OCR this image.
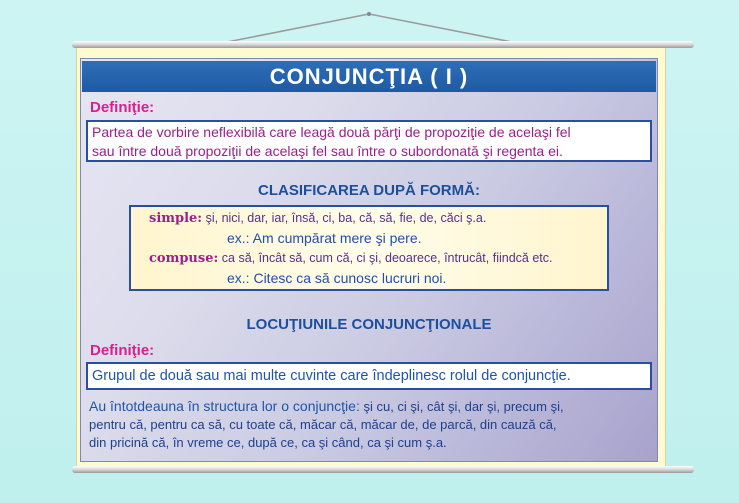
CONJUNCŢIA ( I )
Definiţie:
Partea de vorbire neflexibilă care leagă două părţi de propoziţie de acelaşi fel
sau între două propoziţii de acelaşi fel sau între o subordonată şi regenta ei.
CLASIFICAREA DUPĂ FORMĂ:
simple: şi, nici, dar, iar, însă, ci, ba, că, să, fie, de, căci ş.a.
ex.: Am cumpărat mere şi pere.
compuse: ca să, încât să, cum că, ci şi, deoarece, întrucât, fiindcă etc.
ex.: Citesc ca să cunosc lucruri noi.
LOCUŢIUNILE CONJUNCŢIONALE
Definiţie:
Grupul de două sau mai multe cuvinte care îndeplinesc rolul de conjuncţie.
Au întotdeauna în structura lor o conjuncţie: şi cu, ci şi, cât şi, dar şi, precum şi,
pentru că, pentru ca să, cu toate că, măcar că, măcar de, de parcă, din cauză că,
din pricină că, în vreme ce, după ce, ca şi când, ca şi cum ş.a.
